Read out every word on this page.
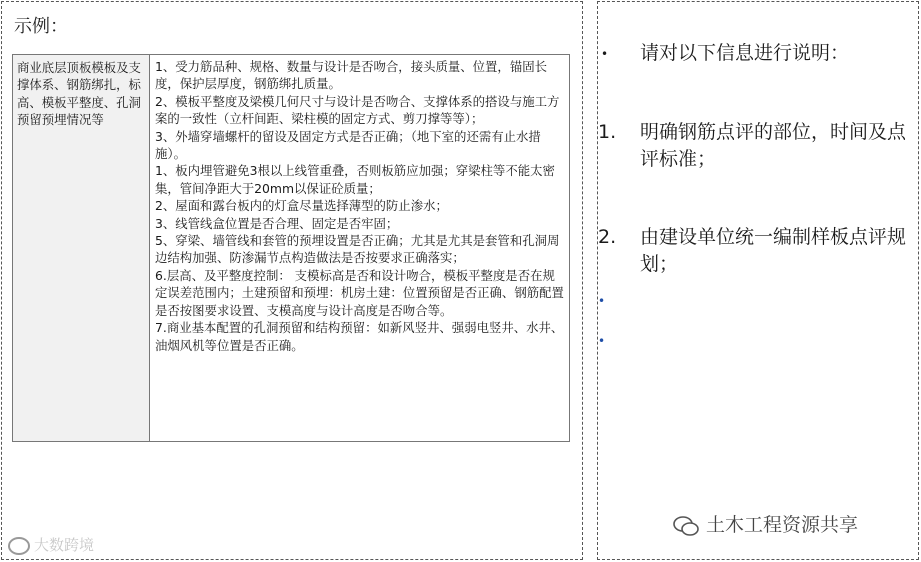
示例：
商业底层顶板模板及支撑体系、钢筋绑扎，标高、模板平整度、孔洞预留预埋情况等	
1、受力筋品种、规格、数量与设计是否吻合，接头质量、位置，锚固长度，保护层厚度，钢筋绑扎质量。
2、模板平整度及梁模几何尺寸与设计是否吻合、支撑体系的搭设与施工方案的一致性（立杆间距、梁柱模的固定方式、剪刀撑等等）；
3、外墙穿墙螺杆的留设及固定方式是否正确；（地下室的还需有止水措施）。
1、板内埋管避免3根以上线管重叠，否则板筋应加强；穿梁柱等不能太密集，管间净距大于20mm以保证砼质量；
2、屋面和露台板内的灯盒尽量选择薄型的防止渗水；
3、线管线盒位置是否合理、固定是否牢固；
5、穿梁、墙管线和套管的预埋设置是否正确；尤其是尤其是套管和孔洞周边结构加强、防渗漏节点构造做法是否按要求正确落实；
6.层高、及平整度控制： 支模标高是否和设计吻合，模板平整度是否在规定误差范围内；土建预留和预埋：机房土建：位置预留是否正确、钢筋配置是否按图要求设置、支模高度与设计高度是否吻合等。
7.商业基本配置的孔洞预留和结构预留：如新风竖井、强弱电竖井、水井、油烟风机等位置是否正确。
大数跨境
• 请对以下信息进行说明：
1. 明确钢筋点评的部位，时间及点评标准；
2. 由建设单位统一编制样板点评规划；
•
•
土木工程资源共享
